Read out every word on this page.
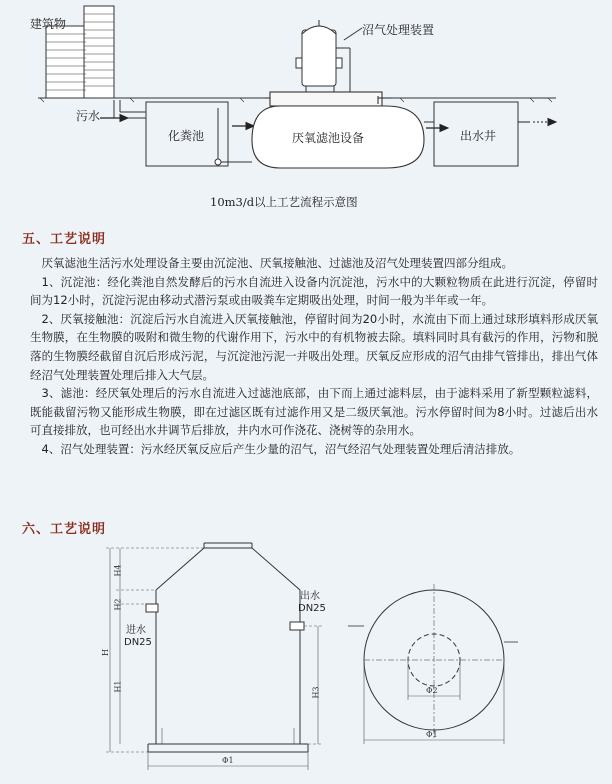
建筑物	沼气处理装置
污水
化粪池	厌氧滤池设备	出水井
10m3/d以上工艺流程示意图
五、工艺说明

厌氧滤池生活污水处理设备主要由沉淀池、厌氧接触池、过滤池及沼气处理装置四部分组成。

1、沉淀池：经化粪池自然发酵后的污水自流进入设备内沉淀池，污水中的大颗粒物质在此进行沉淀，停留时间为12小时，沉淀污泥由移动式潜污泵或由吸粪车定期吸出处理，时间一般为半年或一年。

2、厌氧接触池：沉淀后污水自流进入厌氧接触池，停留时间为20小时，水流由下而上通过球形填料形成厌氧生物膜，在生物膜的吸附和微生物的代谢作用下，污水中的有机物被去除。填料同时具有截污的作用，污物和脱落的生物膜经截留自沉后形成污泥，与沉淀池污泥一并吸出处理。厌氧反应形成的沼气由排气管排出，排出气体经沼气处理装置处理后排入大气层。

3、滤池：经厌氧处理后的污水自流进入过滤池底部，由下而上通过滤料层，由于滤料采用了新型颗粒滤料，既能截留污物又能形成生物膜，即在过滤区既有过滤作用又是二级厌氧池。污水停留时间为8小时。过滤后出水可直接排放，也可经出水井调节后排放，井内水可作浇花、浇树等的杂用水。

4、沼气处理装置：污水经厌氧反应后产生少量的沼气，沼气经沼气处理装置处理后清洁排放。

六、工艺说明
出水
DN25
进水
DN25
H4
H2
H
H1	H3
Φ1
Φ2
Φ1
